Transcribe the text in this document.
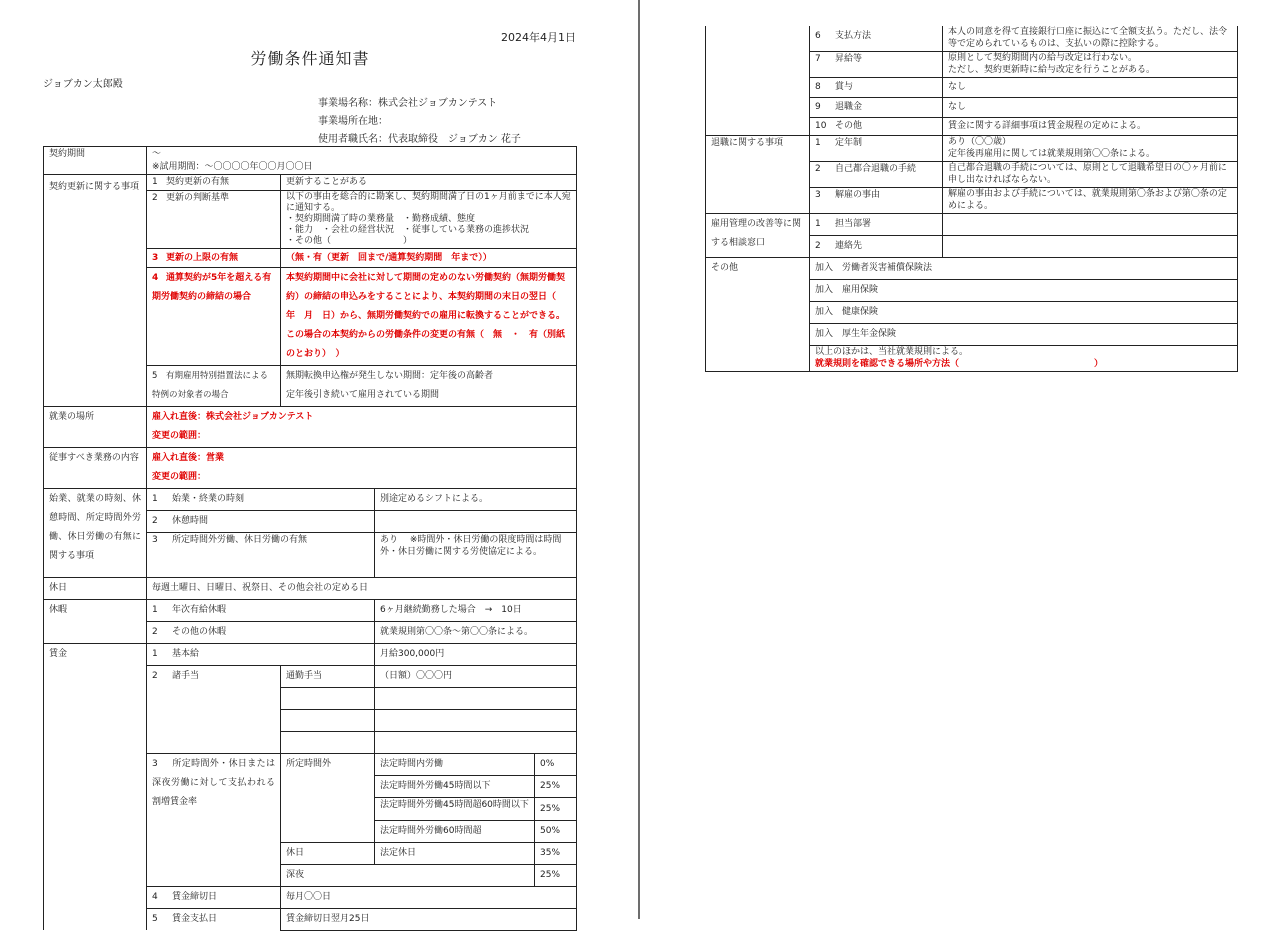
2024年4月1日
労働条件通知書
ジョブカン太郎殿
事業場名称：株式会社ジョブカンテスト
事業場所在地：
使用者職氏名：代表取締役　ジョブカン 花子
契約期間	〜
※試用期間：〜〇〇〇〇年〇〇月〇〇日			

契約更新に関する事項	1 契約更新の有無	更新することがある		
	2 更新の判断基準	以下の事由を総合的に勘案し、契約期間満了日の1ヶ月前までに本人宛に通知する。
・契約期間満了時の業務量　・勤務成績、態度
・能力　・会社の経営状況　・従事している業務の進捗状況
・その他（　　　　　　　　）		
	3 更新の上限の有無	（無・有（更新　回まで/通算契約期間　年まで））		
	4 通算契約が5年を超える有期労働契約の締結の場合	本契約期間中に会社に対して期間の定めのない労働契約（無期労働契約）の締結の申込みをすることにより、本契約期間の末日の翌日（　年　月　日）から、無期労働契約での雇用に転換することができる。この場合の本契約からの労働条件の変更の有無（　無　・　有（別紙のとおり）　）		
	5 有期雇用特別措置法による特例の対象者の場合	無期転換申込権が発生しない期間：定年後の高齢者
定年後引き続いて雇用されている期間		

就業の場所	雇入れ直後：株式会社ジョブカンテスト
変更の範囲：			

従事すべき業務の内容	雇入れ直後：営業
変更の範囲：			

始業、就業の時刻、休憩時間、所定時間外労働、休日労働の有無に関する事項	1 始業・終業の時刻		別途定めるシフトによる。	
	2 休憩時間			
	3 所定時間外労働、休日労働の有無		あり　 ※時間外・休日労働の限度時間は時間外・休日労働に関する労使協定による。	
休日	毎週土曜日、日曜日、祝祭日、その他会社の定める日			
休暇	1 年次有給休暇		6ヶ月継続勤務した場合　→　10日	
	2 その他の休暇		就業規則第〇〇条〜第〇〇条による。	
賃金	1 基本給		月給300,000円	
	2 諸手当	通勤手当	（日額）〇〇〇円	

	3 所定時間外・休日または深夜労働に対して支払われる割増賃金率	所定時間外	法定時間内労働	0%
			法定時間外労働45時間以下	25%
			法定時間外労働45時間超60時間以下	25%
			法定時間外労働60時間超	50%
		休日	法定休日	35%
		深夜		25%
	4 賃金締切日	毎月〇〇日		
	5 賃金支払日	賃金締切日翌月25日		
	6 支払方法	本人の同意を得て直接銀行口座に振込にて全額支払う。ただし、法令等で定められているものは、支払いの際に控除する。
	7 昇給等	原則として契約期間内の給与改定は行わない。
ただし、契約更新時に給与改定を行うことがある。
	8 賞与	なし
	9 退職金	なし
	10 その他	賃金に関する詳細事項は賃金規程の定めによる。
退職に関する事項	1 定年制	あり（〇〇歳）
定年後再雇用に関しては就業規則第〇〇条による。
	2 自己都合退職の手続	自己都合退職の手続については、原則として退職希望日の〇ヶ月前に申し出なければならない。
	3 解雇の事由	解雇の事由および手続については、就業規則第〇条および第〇条の定めによる。
雇用管理の改善等に関する相談窓口	1 担当部署	
	2 連絡先	
その他	加入　労働者災害補償保険法	
	加入　雇用保険	
	加入　健康保険	
	加入　厚生年金保険	

	以上のほかは、当社就業規則による。
就業規則を確認できる場所や方法（　　　　　　　　　　　　　　　）	
